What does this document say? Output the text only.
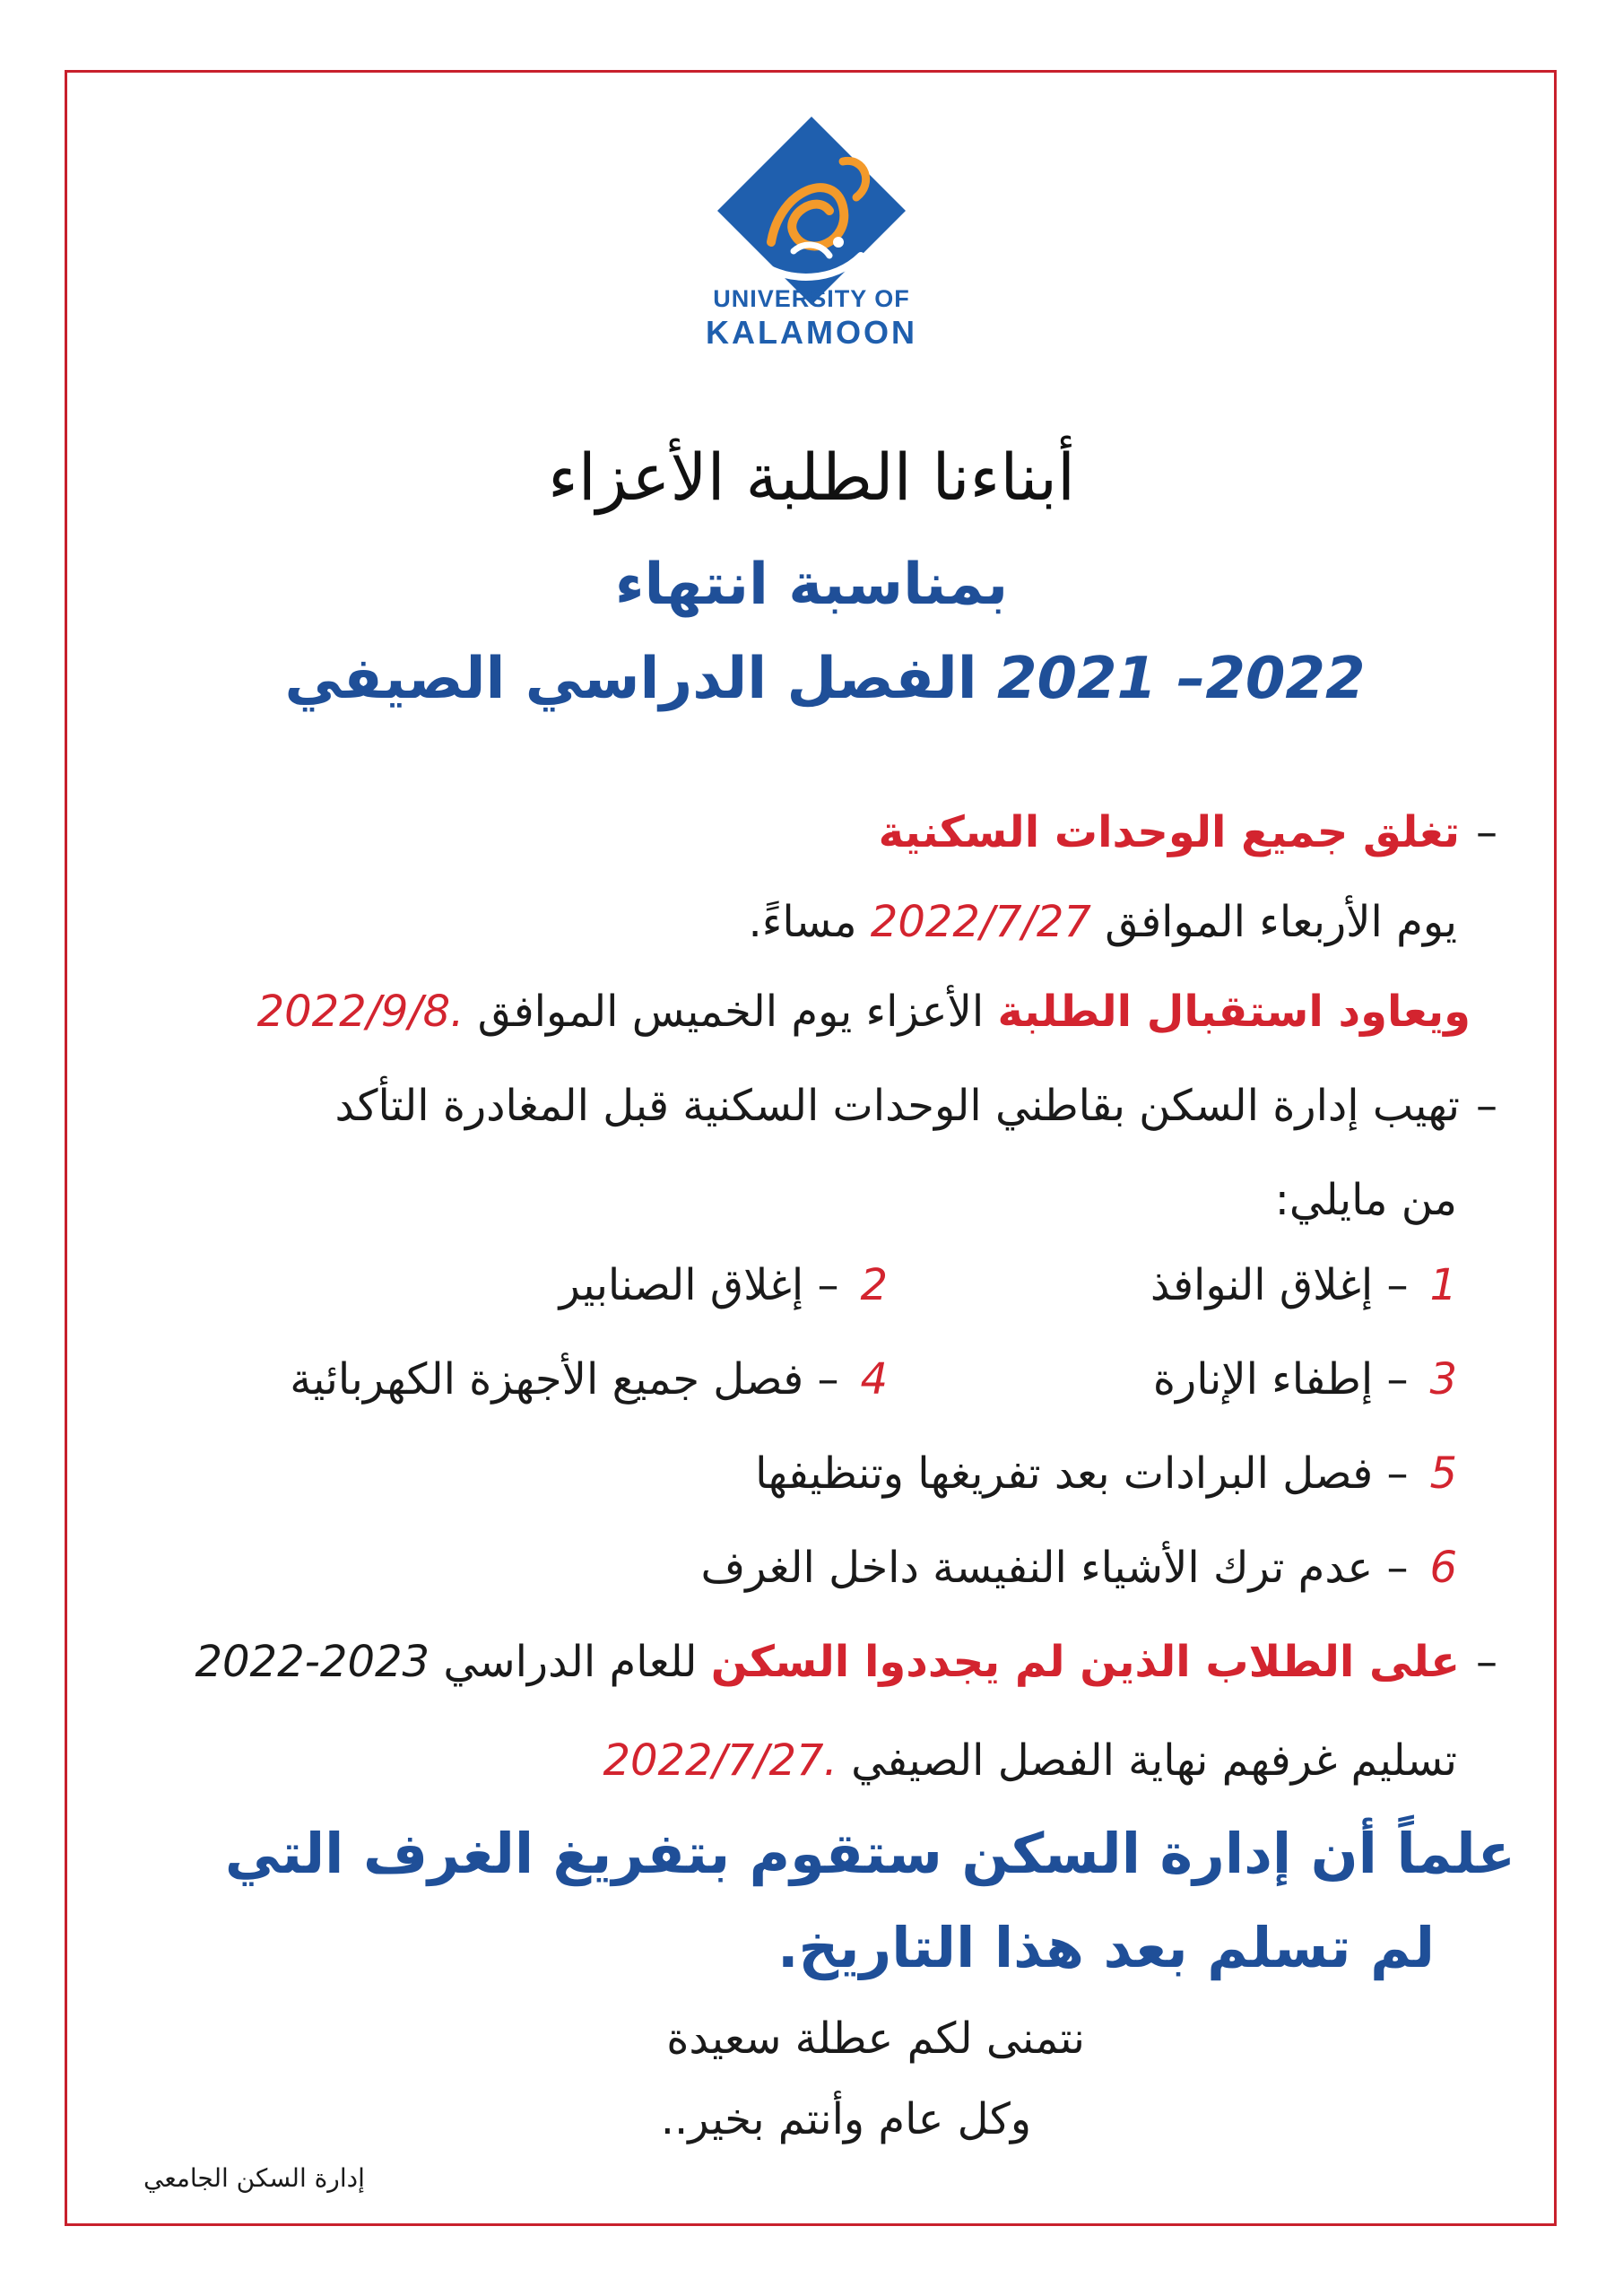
UNIVERSITY OF
KALAMOON
أبناءنا الطلبة الأعزاء
بمناسبة انتهاء
الفصل الدراسي الصيفي 2021 –2022
–تغلق جميع الوحدات السكنية
يوم الأربعاء الموافق 2022/7/27 مساءً.
ويعاود استقبال الطلبة الأعزاء يوم الخميس الموافق 2022/9/8.
–تهيب إدارة السكن بقاطني الوحدات السكنية قبل المغادرة التأكد
من مايلي:
1– إغلاق النوافذ
2– إغلاق الصنابير
3– إطفاء الإنارة
4– فصل جميع الأجهزة الكهربائية
5– فصل البرادات بعد تفريغها وتنظيفها
6– عدم ترك الأشياء النفيسة داخل الغرف
–على الطلاب الذين لم يجددوا السكن للعام الدراسي 2022-2023
تسليم غرفهم نهاية الفصل الصيفي 2022/7/27.
علماً أن إدارة السكن ستقوم بتفريغ الغرف التي
لم تسلم بعد هذا التاريخ.
نتمنى لكم عطلة سعيدة
وكل عام وأنتم بخير..
إدارة السكن الجامعي
